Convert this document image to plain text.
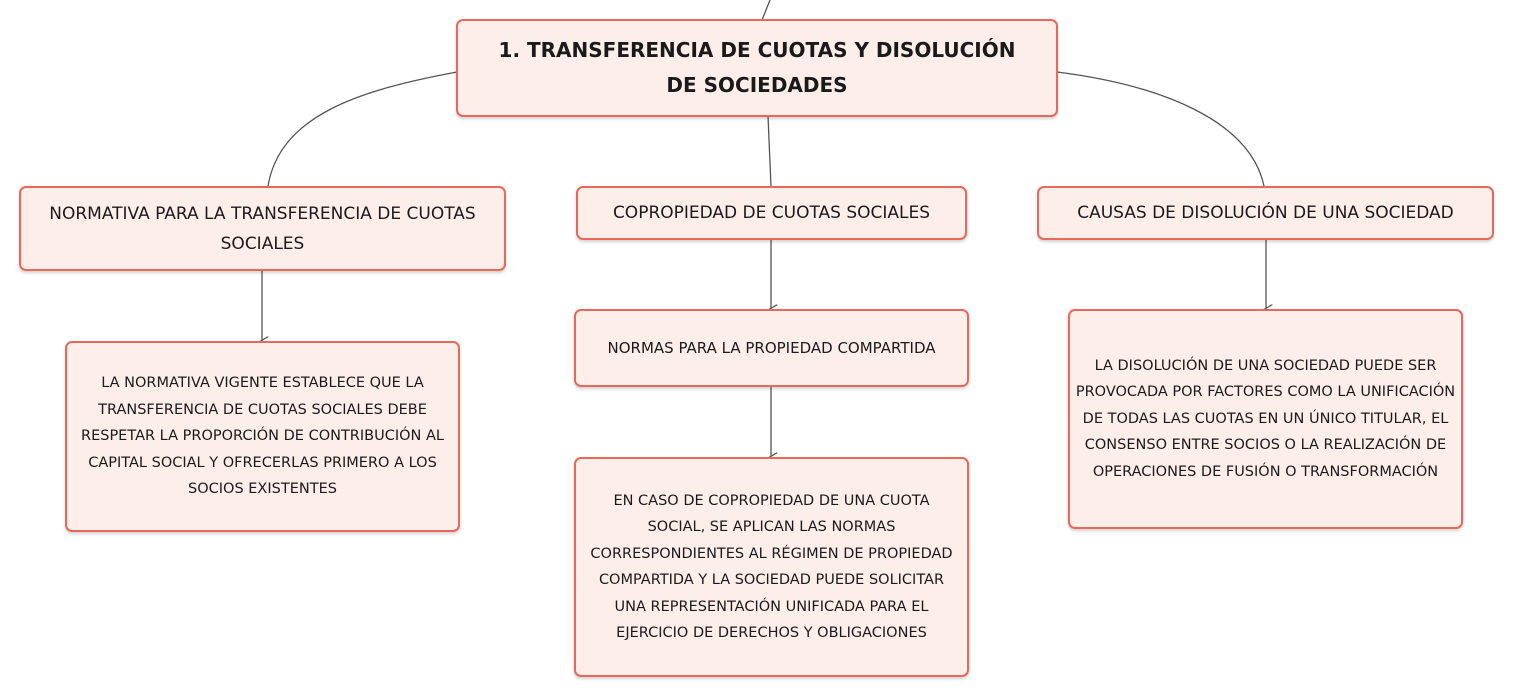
1. TRANSFERENCIA DE CUOTAS Y DISOLUCIÓN DE SOCIEDADES
NORMATIVA PARA LA TRANSFERENCIA DE CUOTAS SOCIALES
COPROPIEDAD DE CUOTAS SOCIALES	CAUSAS DE DISOLUCIÓN DE UNA SOCIEDAD
LA NORMATIVA VIGENTE ESTABLECE QUE LA TRANSFERENCIA DE CUOTAS SOCIALES DEBE RESPETAR LA PROPORCIÓN DE CONTRIBUCIÓN AL CAPITAL SOCIAL Y OFRECERLAS PRIMERO A LOS SOCIOS EXISTENTES
NORMAS PARA LA PROPIEDAD COMPARTIDA
EN CASO DE COPROPIEDAD DE UNA CUOTA SOCIAL, SE APLICAN LAS NORMAS CORRESPONDIENTES AL RÉGIMEN DE PROPIEDAD COMPARTIDA Y LA SOCIEDAD PUEDE SOLICITAR UNA REPRESENTACIÓN UNIFICADA PARA EL EJERCICIO DE DERECHOS Y OBLIGACIONES
LA DISOLUCIÓN DE UNA SOCIEDAD PUEDE SER PROVOCADA POR FACTORES COMO LA UNIFICACIÓN DE TODAS LAS CUOTAS EN UN ÚNICO TITULAR, EL CONSENSO ENTRE SOCIOS O LA REALIZACIÓN DE OPERACIONES DE FUSIÓN O TRANSFORMACIÓN
